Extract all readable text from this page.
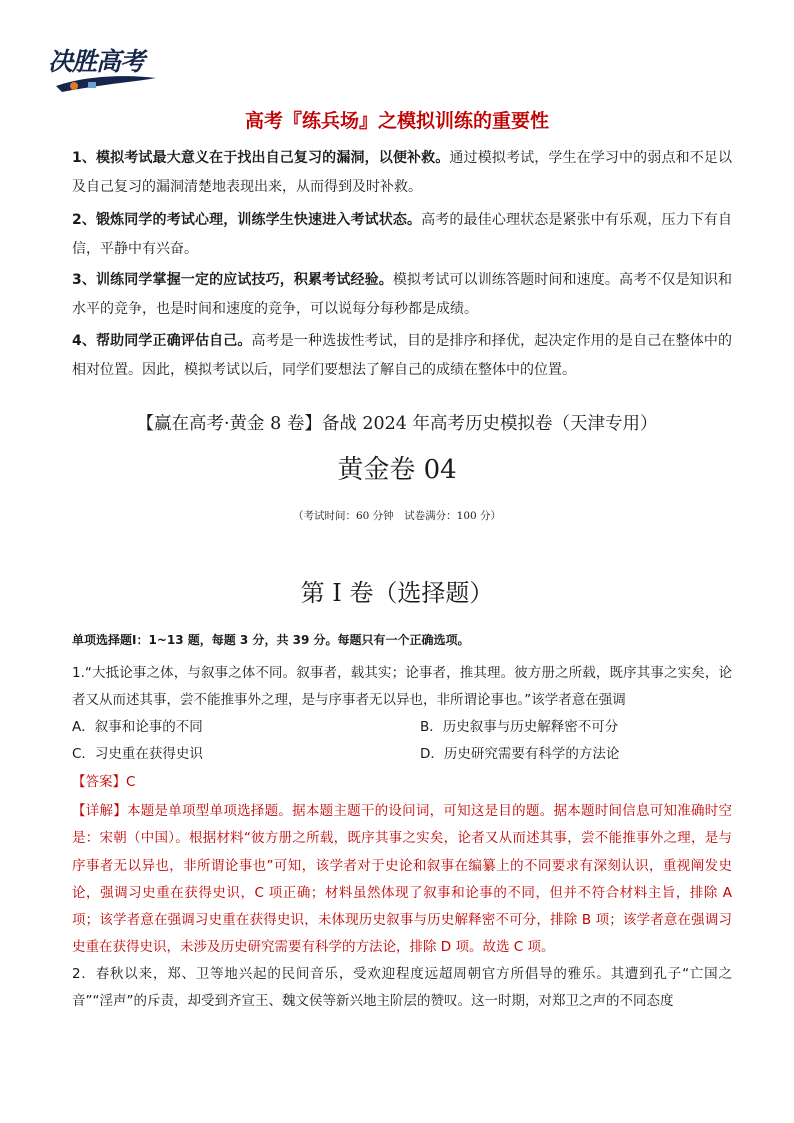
决胜高考
高考『练兵场』之模拟训练的重要性
1、模拟考试最大意义在于找出自己复习的漏洞，以便补救。通过模拟考试，学生在学习中的弱点和不足以及自己复习的漏洞清楚地表现出来，从而得到及时补救。
2、锻炼同学的考试心理，训练学生快速进入考试状态。高考的最佳心理状态是紧张中有乐观，压力下有自信，平静中有兴奋。
3、训练同学掌握一定的应试技巧，积累考试经验。模拟考试可以训练答题时间和速度。高考不仅是知识和水平的竞争，也是时间和速度的竞争，可以说每分每秒都是成绩。
4、帮助同学正确评估自己。高考是一种选拔性考试，目的是排序和择优，起决定作用的是自己在整体中的相对位置。因此，模拟考试以后，同学们要想法了解自己的成绩在整体中的位置。
【赢在高考·黄金 8 卷】备战 2024 年高考历史模拟卷（天津专用）
黄金卷 04
（考试时间：60 分钟　试卷满分：100 分）
第 I 卷（选择题）
单项选择题Ⅰ：1~13 题，每题 3 分，共 39 分。每题只有一个正确选项。
1.“大抵论事之体，与叙事之体不同。叙事者，载其实；论事者，推其理。彼方册之所载，既序其事之实矣，论者又从而述其事，尝不能推事外之理，是与序事者无以异也，非所谓论事也。”该学者意在强调
A．叙事和论事的不同	B．历史叙事与历史解释密不可分
C．习史重在获得史识	D．历史研究需要有科学的方法论
【答案】C
【详解】本题是单项型单项选择题。据本题主题干的设问词，可知这是目的题。据本题时间信息可知准确时空是：宋朝（中国）。根据材料“彼方册之所载，既序其事之实矣，论者又从而述其事，尝不能推事外之理，是与序事者无以异也，非所谓论事也”可知，该学者对于史论和叙事在编纂上的不同要求有深刻认识，重视阐发史论，强调习史重在获得史识，C 项正确；材料虽然体现了叙事和论事的不同，但并不符合材料主旨，排除 A 项；该学者意在强调习史重在获得史识，未体现历史叙事与历史解释密不可分，排除 B 项；该学者意在强调习史重在获得史识，未涉及历史研究需要有科学的方法论，排除 D 项。故选 C 项。
2．春秋以来，郑、卫等地兴起的民间音乐，受欢迎程度远超周朝官方所倡导的雅乐。其遭到孔子“亡国之音”“淫声”的斥责，却受到齐宣王、魏文侯等新兴地主阶层的赞叹。这一时期，对郑卫之声的不同态度
